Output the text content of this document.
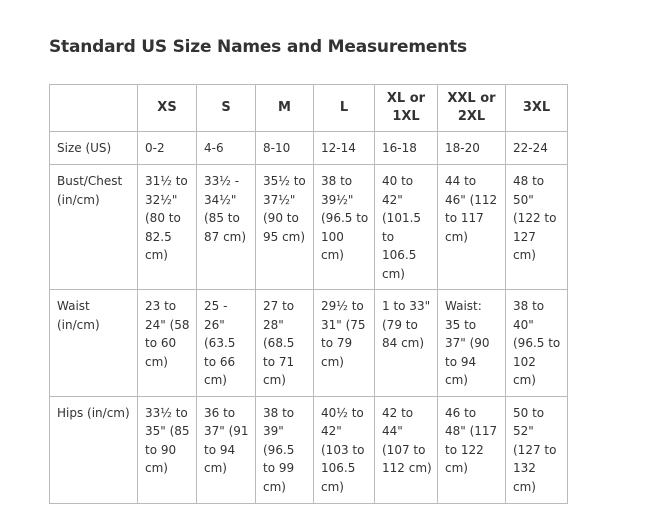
Standard US Size Names and Measurements
	XS	S	M	L	XL or 1XL	XXL or 2XL	3XL
Size (US)	0-2	4-6	8-10	12-14	16-18	18-20	22-24
Bust/Chest (in/cm)	31½ to 32½" (80 to 82.5 cm)	33½ - 34½" (85 to 87 cm)	35½ to 37½" (90 to 95 cm)	38 to 39½" (96.5 to 100 cm)	40 to 42" (101.5 to 106.5 cm)	44 to 46" (112 to 117 cm)	48 to 50" (122 to 127 cm)
Waist (in/cm)	23 to 24" (58 to 60 cm)	25 - 26" (63.5 to 66 cm)	27 to 28" (68.5 to 71 cm)	29½ to 31" (75 to 79 cm)	1 to 33" (79 to 84 cm)	Waist: 35 to 37" (90 to 94 cm)	38 to 40" (96.5 to 102 cm)
Hips (in/cm)	33½ to 35" (85 to 90 cm)	36 to 37" (91 to 94 cm)	38 to 39" (96.5 to 99 cm)	40½ to 42" (103 to 106.5 cm)	42 to 44" (107 to 112 cm)	46 to 48" (117 to 122 cm)	50 to 52" (127 to 132 cm)
